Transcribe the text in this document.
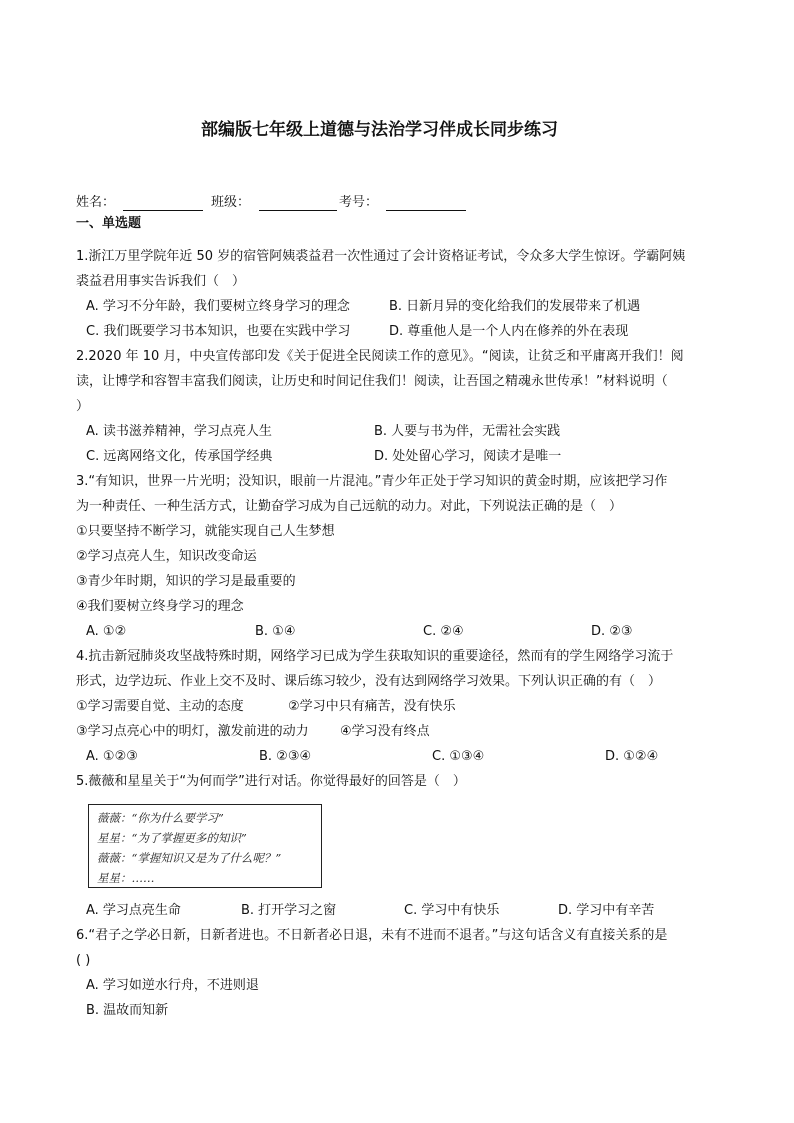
部编版七年级上道德与法治学习伴成长同步练习
姓名：	班级：	考号：
一、单选题
1.浙江万里学院年近 50 岁的宿管阿姨裘益君一次性通过了会计资格证考试，令众多大学生惊讶。学霸阿姨
裘益君用事实告诉我们（　）
A. 学习不分年龄，我们要树立终身学习的理念	B. 日新月异的变化给我们的发展带来了机遇
C. 我们既要学习书本知识，也要在实践中学习	D. 尊重他人是一个人内在修养的外在表现
2.2020 年 10 月，中央宣传部印发《关于促进全民阅读工作的意见》。“阅读，让贫乏和平庸离开我们！阅
读，让博学和容智丰富我们阅读，让历史和时间记住我们！阅读，让吾国之精魂永世传承！”材料说明（
）
A. 读书滋养精神，学习点亮人生	B. 人要与书为伴，无需社会实践
C. 远离网络文化，传承国学经典	D. 处处留心学习，阅读才是唯一
3.“有知识，世界一片光明；没知识，眼前一片混沌。”青少年正处于学习知识的黄金时期，应该把学习作
为一种责任、一种生活方式，让勤奋学习成为自己远航的动力。对此，下列说法正确的是（　）
①只要坚持不断学习，就能实现自己人生梦想
②学习点亮人生，知识改变命运
③青少年时期，知识的学习是最重要的
④我们要树立终身学习的理念
A. ①②	B. ①④	C. ②④	D. ②③
4.抗击新冠肺炎攻坚战特殊时期，网络学习已成为学生获取知识的重要途径，然而有的学生网络学习流于
形式，边学边玩、作业上交不及时、课后练习较少，没有达到网络学习效果。下列认识正确的有（　）
①学习需要自觉、主动的态度	②学习中只有痛苦，没有快乐
③学习点亮心中的明灯，激发前进的动力 ④学习没有终点
A. ①②③	B. ②③④	C. ①③④	D. ①②④
5.薇薇和星星关于“为何而学”进行对话。你觉得最好的回答是（　）
薇薇：“你为什么要学习”
星星：“为了掌握更多的知识”
薇薇：“掌握知识又是为了什么呢？”
星星：……
A. 学习点亮生命	B. 打开学习之窗	C. 学习中有快乐	D. 学习中有辛苦
6.“君子之学必日新，日新者进也。不日新者必日退，未有不进而不退者。”与这句话含义有直接关系的是
( )
A. 学习如逆水行舟，不进则退
B. 温故而知新
